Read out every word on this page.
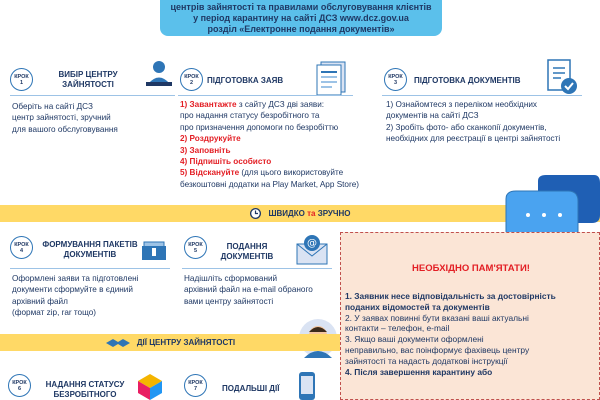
центрів зайнятості та правилами обслуговування клієнтів
у період карантину на сайті ДСЗ www.dcz.gov.ua
розділ «Електронне подання документів»
КРОК
1
ВИБІР ЦЕНТРУ ЗАЙНЯТОСТІ
Оберіть на сайті ДСЗ
центр зайнятості, зручний
для вашого обслуговування
КРОК
2 ПІДГОТОВКА ЗАЯВ
1) Завантажте з сайту ДСЗ дві заяви:
про надання статусу безробітного та
про призначення допомоги по безробіттю
2) Роздрукуйте
3) Заповніть
4) Підпишіть особисто
5) Відскануйте (для цього використовуйте
безкоштовні додатки на Play Market, App Store)
КРОК
3 ПІДГОТОВКА ДОКУМЕНТІВ
1) Ознайомтеся з переліком необхідних
документів на сайті ДСЗ
2) Зробіть фото- або сканкопії документів,
необхідних для реєстрації в центрі зайнятості
ШВИДКО та ЗРУЧНО
КРОК
4
ФОРМУВАННЯ ПАКЕТІВ
ДОКУМЕНТІВ
Оформлені заяви та підготовлені
документи сформуйте в єдиний
архівний файл
(формат zip, rar тощо)
КРОК
5	ПОДАННЯ
ДОКУМЕНТІВ
@
Надішліть сформований
архівний файл на e-mail обраного
вами центру зайнятості
ДІЇ ЦЕНТРУ ЗАЙНЯТОСТІ
КРОК
6	НАДАННЯ СТАТУСУ
БЕЗРОБІТНОГО
КРОК
7	ПОДАЛЬШІ ДІЇ
НЕОБХІДНО ПАМ'ЯТАТИ!

1. Заявник несе відповідальність за достовірність

поданих відомостей та документів

2. У заявах повинні бути вказані ваші актуальні

контакти – телефон, e-mail

3. Якщо ваші документи оформлені

неправильно, вас поінформує фахівець центру

зайнятості та надасть додаткові інструкції

4. Після завершення карантину або
